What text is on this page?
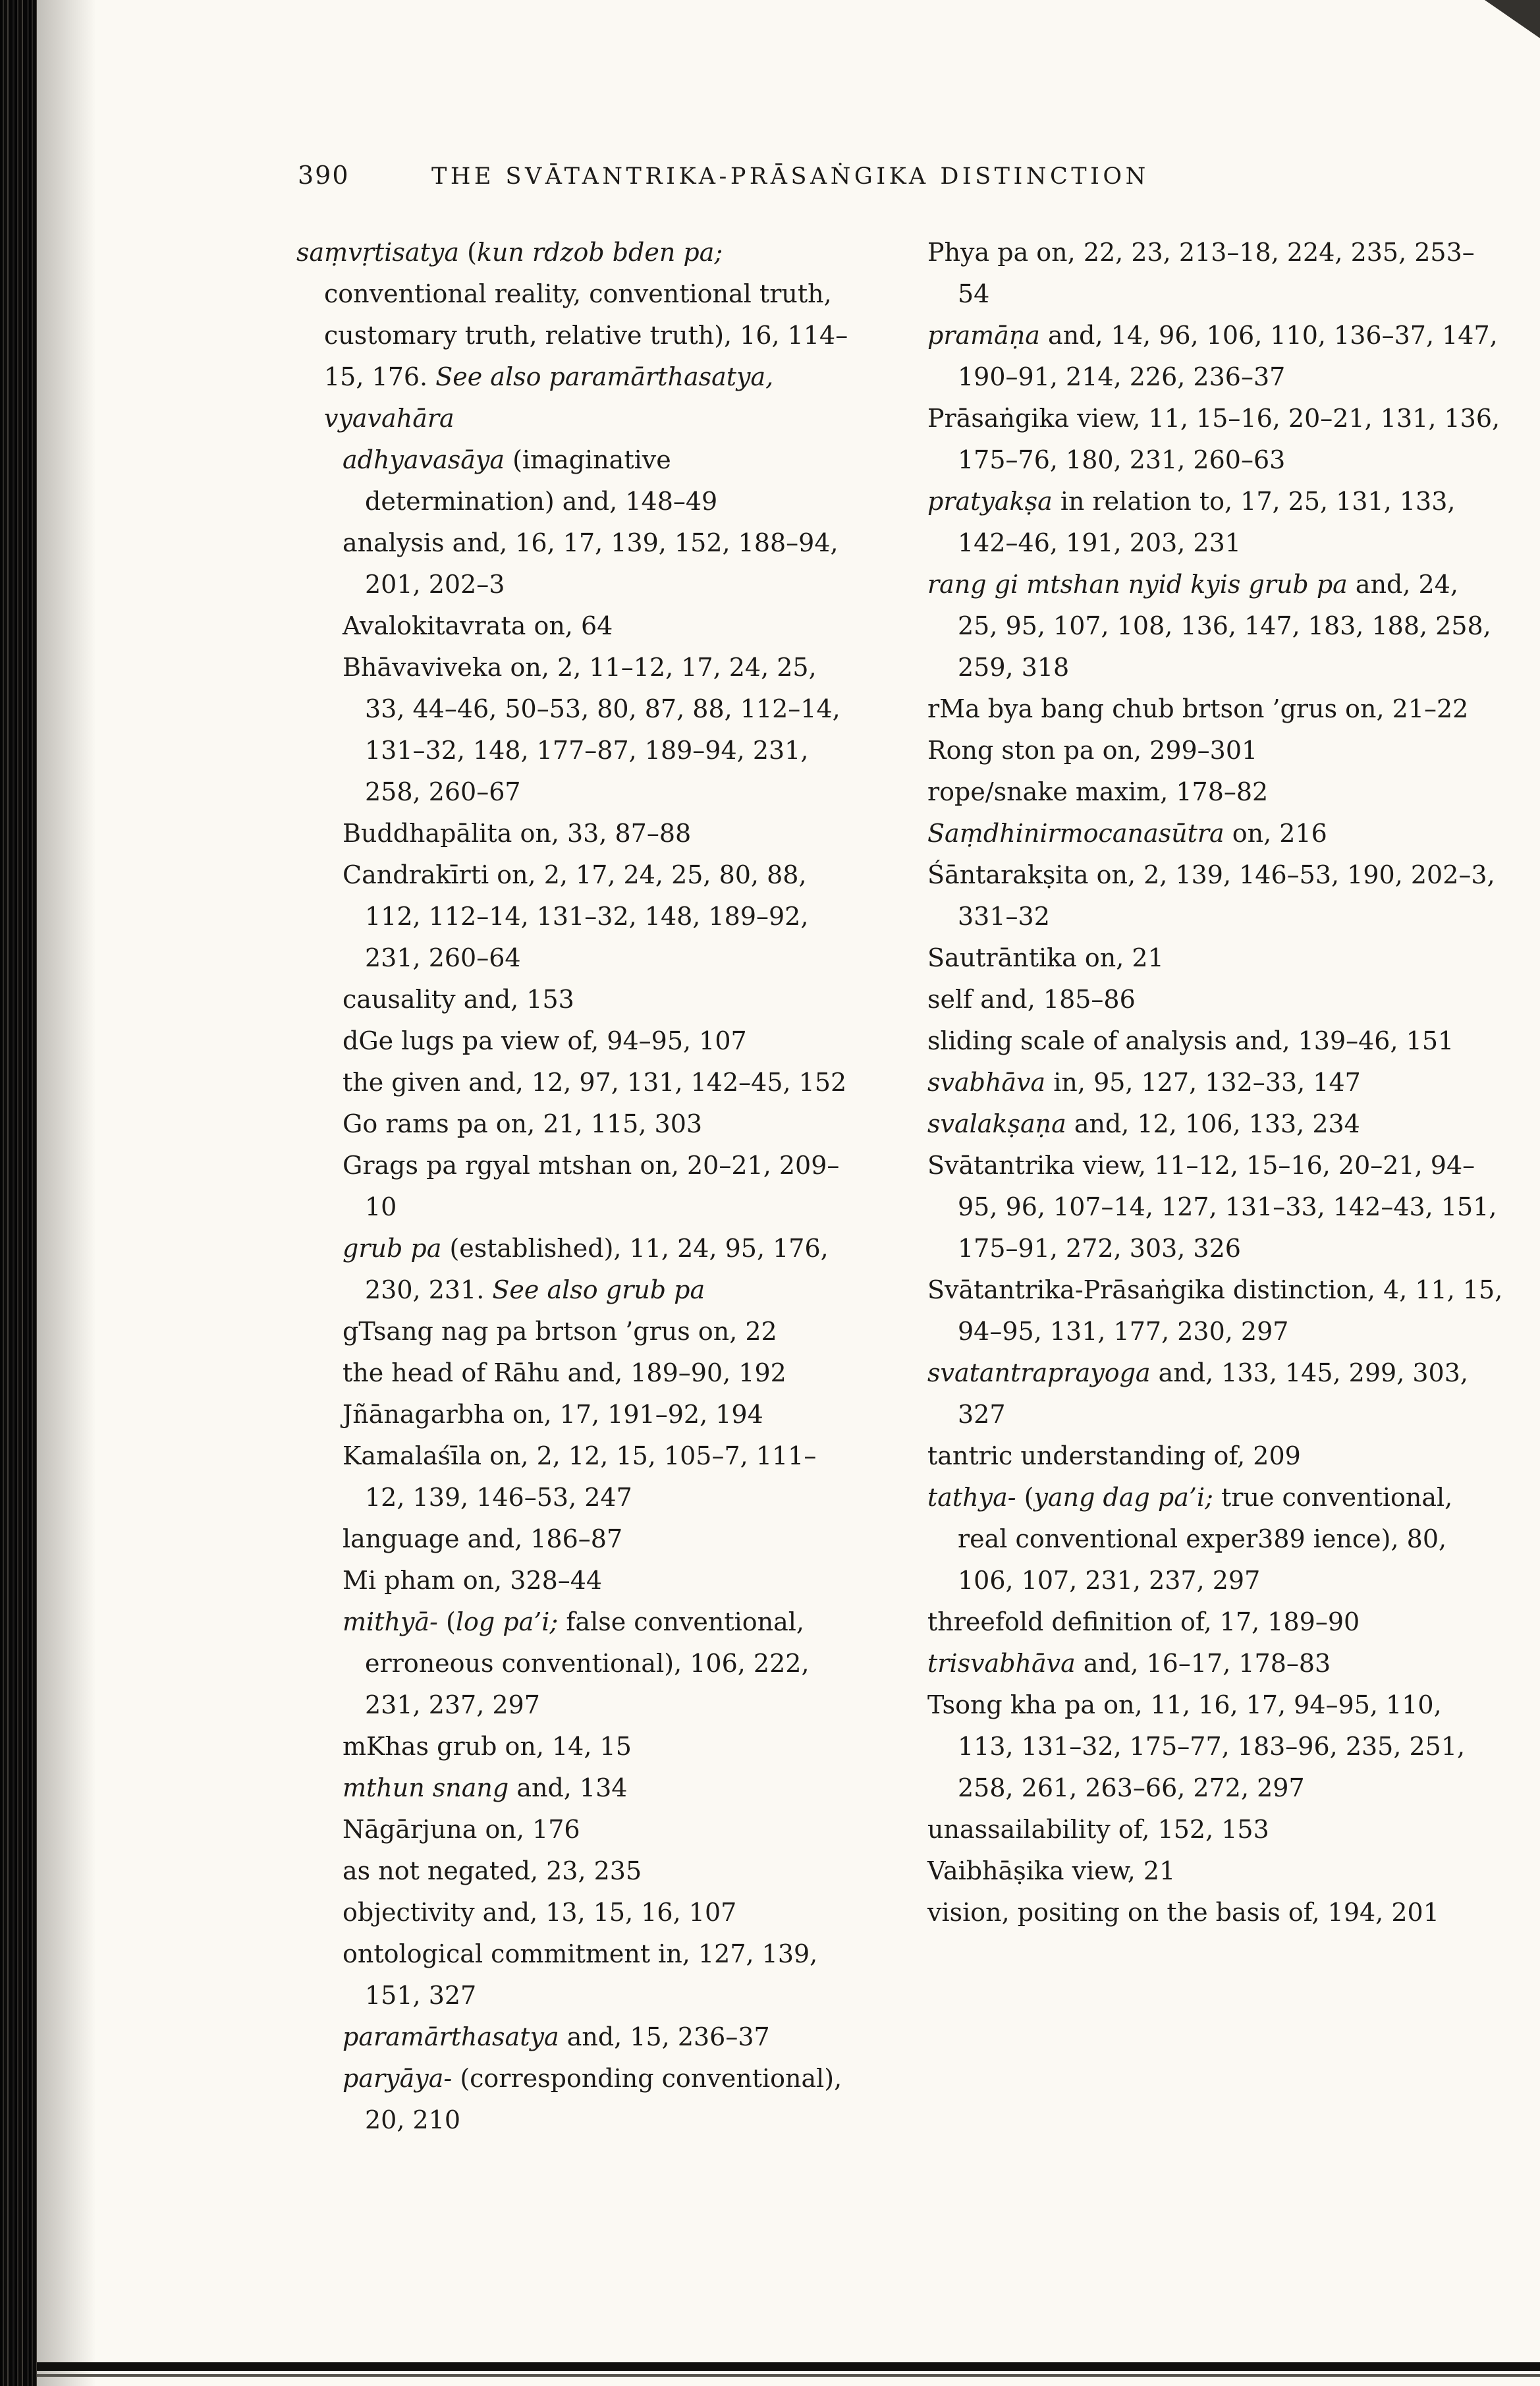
390	THE SVĀTANTRIKA-PRĀSAṄGIKA DISTINCTION
saṃvṛtisatya (kun rdzob bden pa; conventional reality, conventional truth, customary truth, relative truth), 16, 114–15, 176. See also paramārthasatya, vyavahāra
adhyavasāya (imaginative determination) and, 148–49
analysis and, 16, 17, 139, 152, 188–94, 201, 202–3
Avalokitavrata on, 64
Bhāvaviveka on, 2, 11–12, 17, 24, 25, 33, 44–46, 50–53, 80, 87, 88, 112–14, 131–32, 148, 177–87, 189–94, 231, 258, 260–67
Buddhapālita on, 33, 87–88
Candrakīrti on, 2, 17, 24, 25, 80, 88, 112, 112–14, 131–32, 148, 189–92, 231, 260–64
causality and, 153
dGe lugs pa view of, 94–95, 107
the given and, 12, 97, 131, 142–45, 152
Go rams pa on, 21, 115, 303
Grags pa rgyal mtshan on, 20–21, 209–10
grub pa (established), 11, 24, 95, 176, 230, 231. See also grub pa
gTsang nag pa brtson ’grus on, 22
the head of Rāhu and, 189–90, 192
Jñānagarbha on, 17, 191–92, 194
Kamalaśīla on, 2, 12, 15, 105–7, 111–12, 139, 146–53, 247
language and, 186–87
Mi pham on, 328–44
mithyā- (log pa’i; false conventional, erroneous conventional), 106, 222, 231, 237, 297
mKhas grub on, 14, 15
mthun snang and, 134
Nāgārjuna on, 176
as not negated, 23, 235
objectivity and, 13, 15, 16, 107
ontological commitment in, 127, 139, 151, 327
paramārthasatya and, 15, 236–37
paryāya- (corresponding conventional), 20, 210
Phya pa on, 22, 23, 213–18, 224, 235, 253–54
pramāṇa and, 14, 96, 106, 110, 136–37, 147, 190–91, 214, 226, 236–37
Prāsaṅgika view, 11, 15–16, 20–21, 131, 136, 175–76, 180, 231, 260–63
pratyakṣa in relation to, 17, 25, 131, 133, 142–46, 191, 203, 231
rang gi mtshan nyid kyis grub pa and, 24, 25, 95, 107, 108, 136, 147, 183, 188, 258, 259, 318
rMa bya bang chub brtson ’grus on, 21–22
Rong ston pa on, 299–301
rope/snake maxim, 178–82
Saṃdhinirmocanasūtra on, 216
Śāntarakṣita on, 2, 139, 146–53, 190, 202–3, 331–32
Sautrāntika on, 21
self and, 185–86
sliding scale of analysis and, 139–46, 151
svabhāva in, 95, 127, 132–33, 147
svalakṣaṇa and, 12, 106, 133, 234
Svātantrika view, 11–12, 15–16, 20–21, 94–95, 96, 107–14, 127, 131–33, 142–43, 151, 175–91, 272, 303, 326
Svātantrika-Prāsaṅgika distinction, 4, 11, 15, 94–95, 131, 177, 230, 297
svatantraprayoga and, 133, 145, 299, 303, 327
tantric understanding of, 209
tathya- (yang dag pa’i; true conventional, real conventional exper389 ience), 80, 106, 107, 231, 237, 297
threefold definition of, 17, 189–90
trisvabhāva and, 16–17, 178–83
Tsong kha pa on, 11, 16, 17, 94–95, 110, 113, 131–32, 175–77, 183–96, 235, 251, 258, 261, 263–66, 272, 297
unassailability of, 152, 153
Vaibhāṣika view, 21
vision, positing on the basis of, 194, 201
